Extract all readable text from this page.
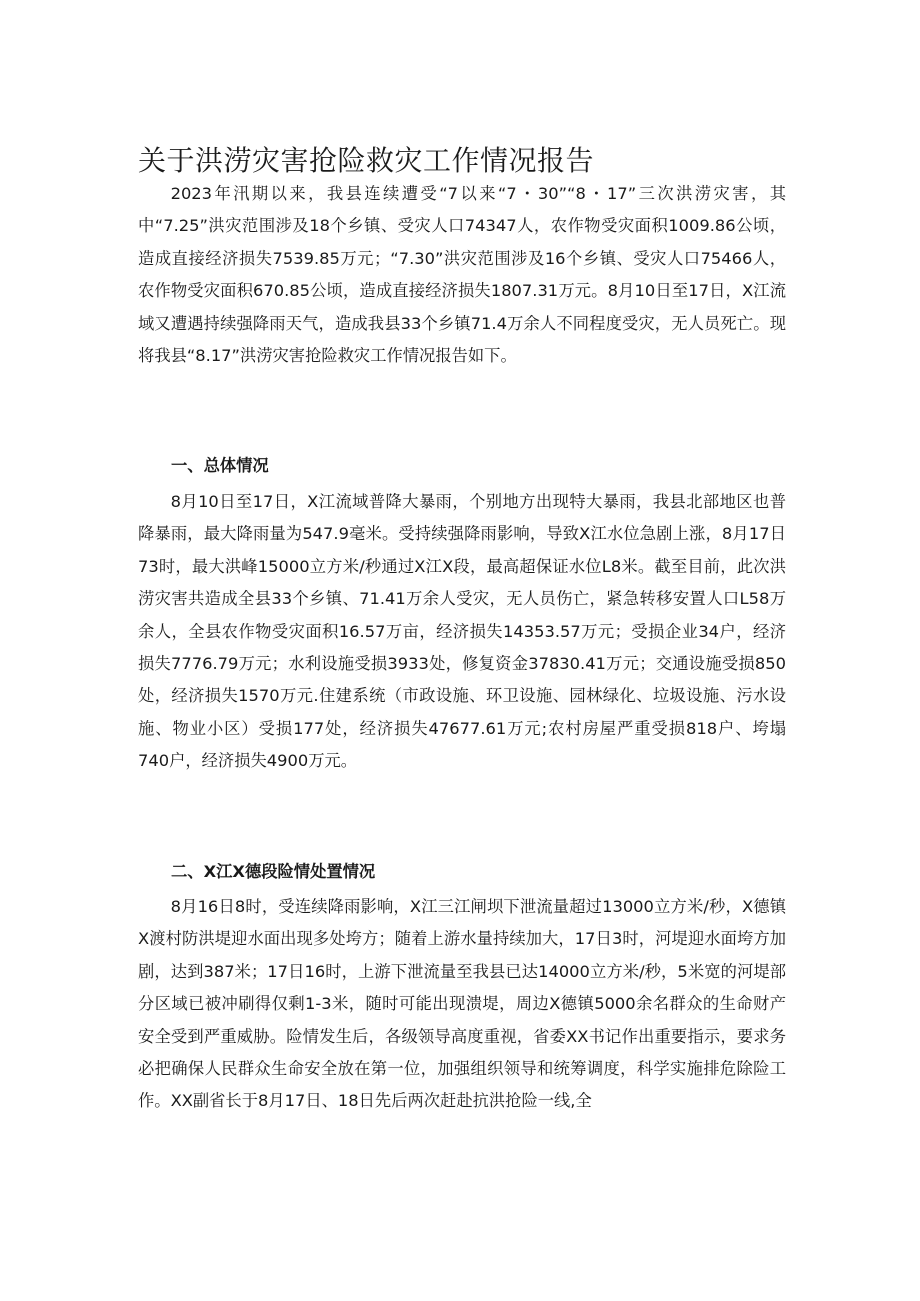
关于洪涝灾害抢险救灾工作情况报告
2023年汛期以来，我县连续遭受“7以来“7・30”“8・17”三次洪涝灾害，其中“7.25”洪灾范围涉及18个乡镇、受灾人口74347人，农作物受灾面积1009.86公顷，造成直接经济损失7539.85万元；“7.30”洪灾范围涉及16个乡镇、受灾人口75466人，农作物受灾面积670.85公顷，造成直接经济损失1807.31万元。8月10日至17日，X江流域又遭遇持续强降雨天气，造成我县33个乡镇71.4万余人不同程度受灾，无人员死亡。现将我县“8.17”洪涝灾害抢险救灾工作情况报告如下。
一、总体情况
8月10日至17日，X江流域普降大暴雨，个别地方出现特大暴雨，我县北部地区也普降暴雨，最大降雨量为547.9毫米。受持续强降雨影响，导致X江水位急剧上涨，8月17日73时，最大洪峰15000立方米/秒通过X江X段，最高超保证水位L8米。截至目前，此次洪涝灾害共造成全县33个乡镇、71.41万余人受灾，无人员伤亡，紧急转移安置人口L58万余人，全县农作物受灾面积16.57万亩，经济损失14353.57万元；受损企业34户，经济损失7776.79万元；水利设施受损3933处，修复资金37830.41万元；交通设施受损850处，经济损失1570万元.住建系统（市政设施、环卫设施、园林绿化、垃圾设施、污水设施、物业小区）受损177处，经济损失47677.61万元;农村房屋严重受损818户、垮塌740户，经济损失4900万元。
二、X江X德段险情处置情况
8月16日8时，受连续降雨影响，X江三江闸坝下泄流量超过13000立方米/秒，X德镇X渡村防洪堤迎水面出现多处垮方；随着上游水量持续加大，17日3时，河堤迎水面垮方加剧，达到387米；17日16时，上游下泄流量至我县已达14000立方米/秒，5米宽的河堤部分区域已被冲刷得仅剩1-3米，随时可能出现溃堤，周边X德镇5000余名群众的生命财产安全受到严重威胁。险情发生后，各级领导高度重视，省委XX书记作出重要指示，要求务必把确保人民群众生命安全放在第一位，加强组织领导和统筹调度，科学实施排危除险工作。XX副省长于8月17日、18日先后两次赶赴抗洪抢险一线,全
